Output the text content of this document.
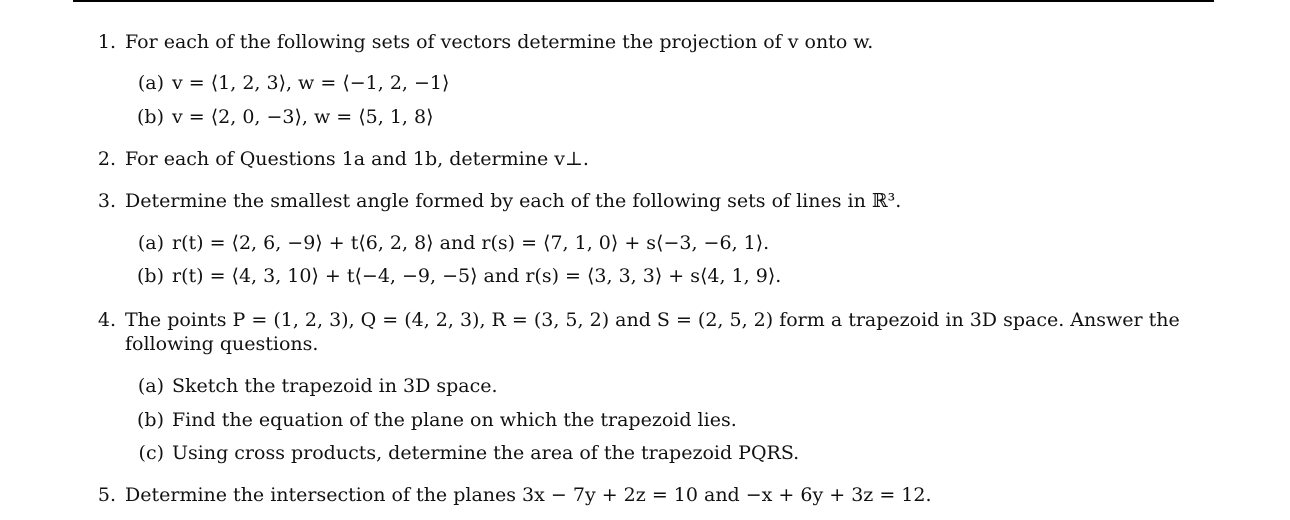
1. For each of the following sets of vectors determine the projection of v onto w.
(a) v = ⟨1, 2, 3⟩, w = ⟨−1, 2, −1⟩
(b) v = ⟨2, 0, −3⟩, w = ⟨5, 1, 8⟩
2. For each of Questions 1a and 1b, determine v⊥.
3. Determine the smallest angle formed by each of the following sets of lines in ℝ³.
(a) r(t) = ⟨2, 6, −9⟩ + t⟨6, 2, 8⟩ and r(s) = ⟨7, 1, 0⟩ + s⟨−3, −6, 1⟩.
(b) r(t) = ⟨4, 3, 10⟩ + t⟨−4, −9, −5⟩ and r(s) = ⟨3, 3, 3⟩ + s⟨4, 1, 9⟩.
4. The points P = (1, 2, 3), Q = (4, 2, 3), R = (3, 5, 2) and S = (2, 5, 2) form a trapezoid in 3D space. Answer the following questions.
(a) Sketch the trapezoid in 3D space.
(b) Find the equation of the plane on which the trapezoid lies.
(c) Using cross products, determine the area of the trapezoid PQRS.
5. Determine the intersection of the planes 3x − 7y + 2z = 10 and −x + 6y + 3z = 12.
